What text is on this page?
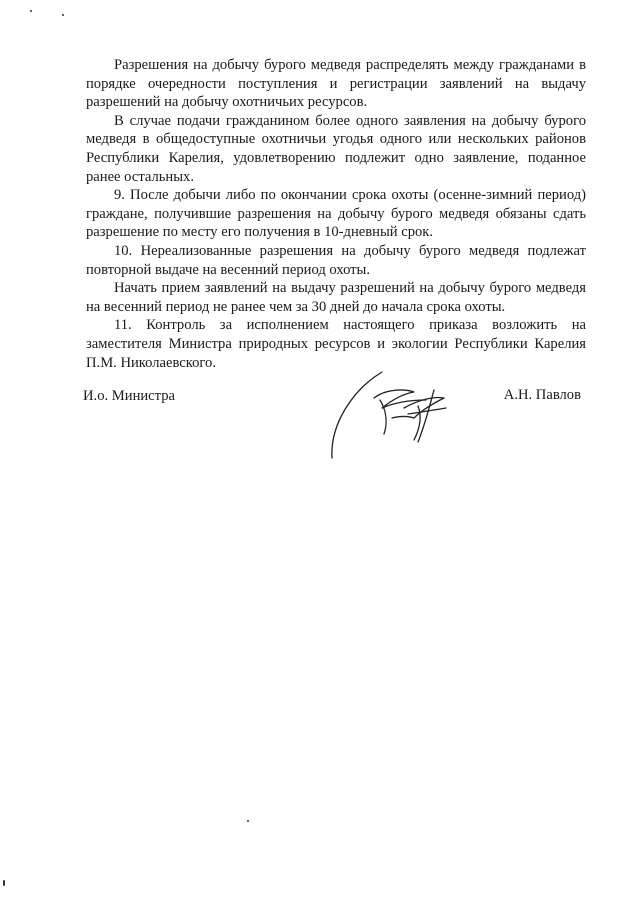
Разрешения на добычу бурого медведя распределять между гражданами в порядке очередности поступления и регистрации заявлений на выдачу разрешений на добычу охотничьих ресурсов.

В случае подачи гражданином более одного заявления на добычу бурого медведя в общедоступные охотничьи угодья одного или нескольких районов Республики Карелия, удовлетворению подлежит одно заявление, поданное ранее остальных.

9. После добычи либо по окончании срока охоты (осенне-зимний период) граждане, получившие разрешения на добычу бурого медведя обязаны сдать разрешение по месту его получения в 10-дневный срок.

10. Нереализованные разрешения на добычу бурого медведя подлежат повторной выдаче на весенний период охоты.

Начать прием заявлений на выдачу разрешений на добычу бурого медведя на весенний период не ранее чем за 30 дней до начала срока охоты.

11. Контроль за исполнением настоящего приказа возложить на заместителя Министра природных ресурсов и экологии Республики Карелия П.М. Николаевского.

И.о. Министра	А.Н. Павлов
